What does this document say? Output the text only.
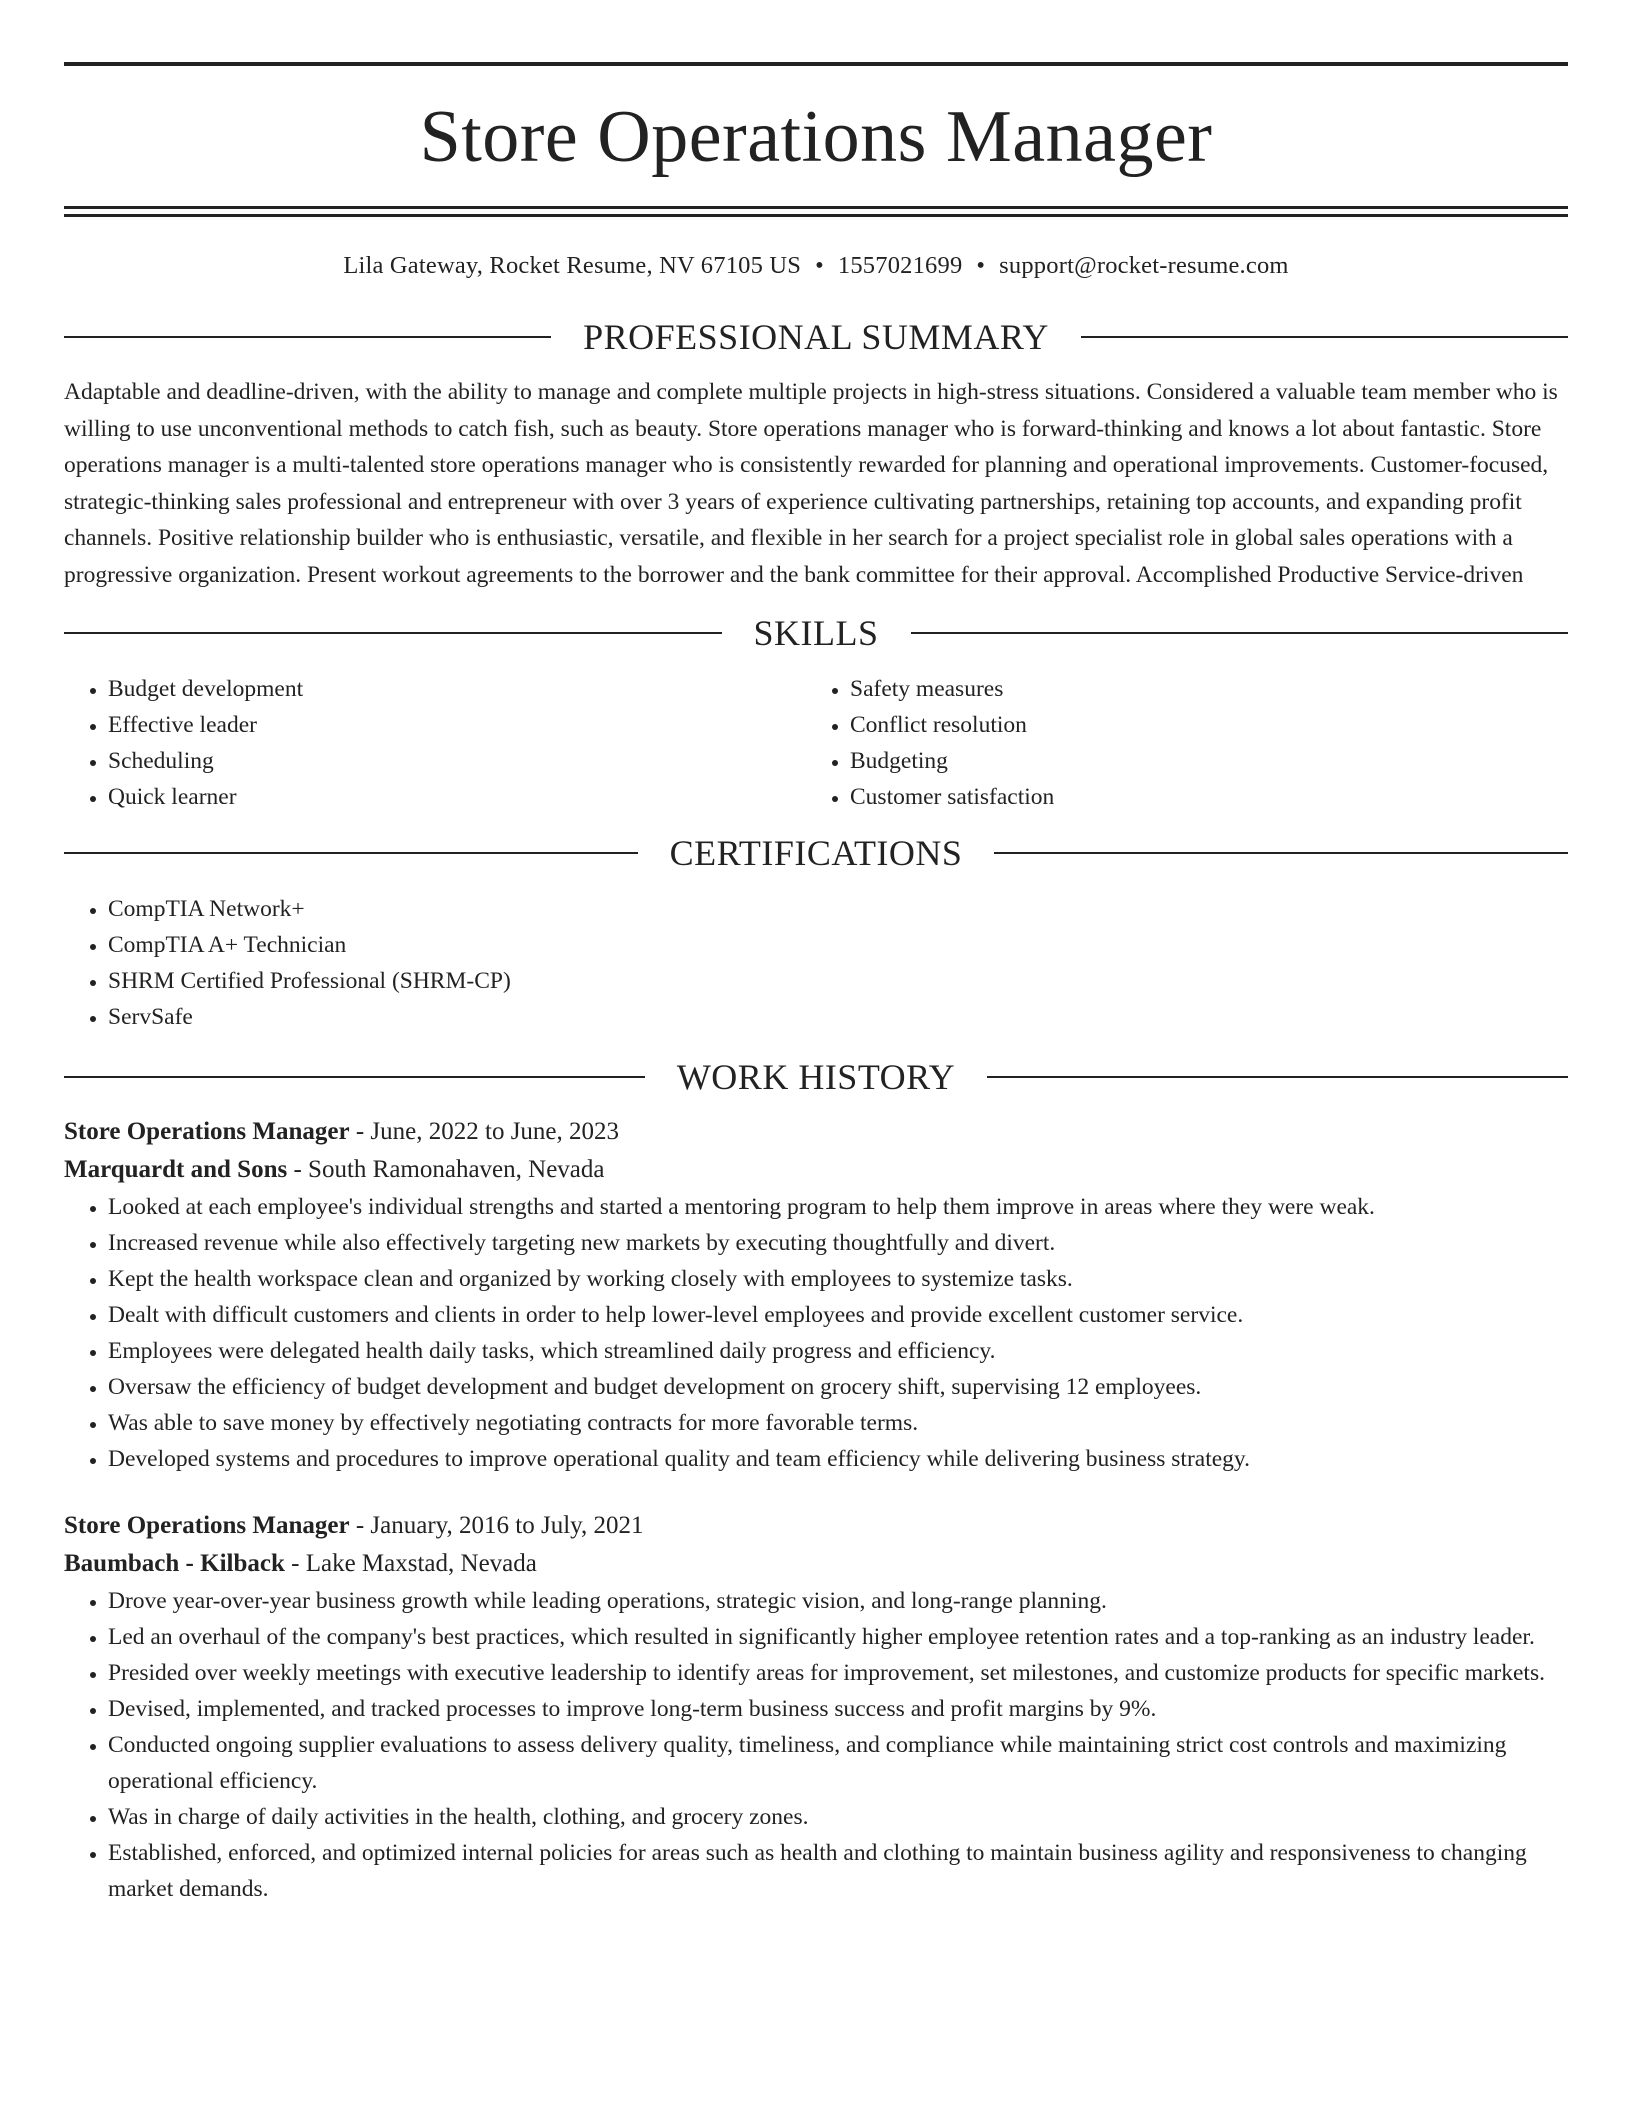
Store Operations Manager
Lila Gateway, Rocket Resume, NV 67105 US • 1557021699 • support@rocket-resume.com
PROFESSIONAL SUMMARY
Adaptable and deadline-driven, with the ability to manage and complete multiple projects in high-stress situations. Considered a valuable team member who is willing to use unconventional methods to catch fish, such as beauty. Store operations manager who is forward-thinking and knows a lot about fantastic. Store operations manager is a multi-talented store operations manager who is consistently rewarded for planning and operational improvements. Customer-focused, strategic-thinking sales professional and entrepreneur with over 3 years of experience cultivating partnerships, retaining top accounts, and expanding profit channels. Positive relationship builder who is enthusiastic, versatile, and flexible in her search for a project specialist role in global sales operations with a progressive organization. Present workout agreements to the borrower and the bank committee for their approval. Accomplished Productive Service-driven
SKILLS
• Budget development
• Effective leader
• Scheduling
• Quick learner
• Safety measures
• Conflict resolution
• Budgeting
• Customer satisfaction
CERTIFICATIONS
• CompTIA Network+
• CompTIA A+ Technician
• SHRM Certified Professional (SHRM-CP)
• ServSafe
WORK HISTORY
Store Operations Manager - June, 2022 to June, 2023
Marquardt and Sons - South Ramonahaven, Nevada
• Looked at each employee's individual strengths and started a mentoring program to help them improve in areas where they were weak.
• Increased revenue while also effectively targeting new markets by executing thoughtfully and divert.
• Kept the health workspace clean and organized by working closely with employees to systemize tasks.
• Dealt with difficult customers and clients in order to help lower-level employees and provide excellent customer service.
• Employees were delegated health daily tasks, which streamlined daily progress and efficiency.
• Oversaw the efficiency of budget development and budget development on grocery shift, supervising 12 employees.
• Was able to save money by effectively negotiating contracts for more favorable terms.
• Developed systems and procedures to improve operational quality and team efficiency while delivering business strategy.
Store Operations Manager - January, 2016 to July, 2021
Baumbach - Kilback - Lake Maxstad, Nevada
• Drove year-over-year business growth while leading operations, strategic vision, and long-range planning.
• Led an overhaul of the company's best practices, which resulted in significantly higher employee retention rates and a top-ranking as an industry leader.
• Presided over weekly meetings with executive leadership to identify areas for improvement, set milestones, and customize products for specific markets.
• Devised, implemented, and tracked processes to improve long-term business success and profit margins by 9%.
• Conducted ongoing supplier evaluations to assess delivery quality, timeliness, and compliance while maintaining strict cost controls and maximizing operational efficiency.
• Was in charge of daily activities in the health, clothing, and grocery zones.
• Established, enforced, and optimized internal policies for areas such as health and clothing to maintain business agility and responsiveness to changing market demands.
